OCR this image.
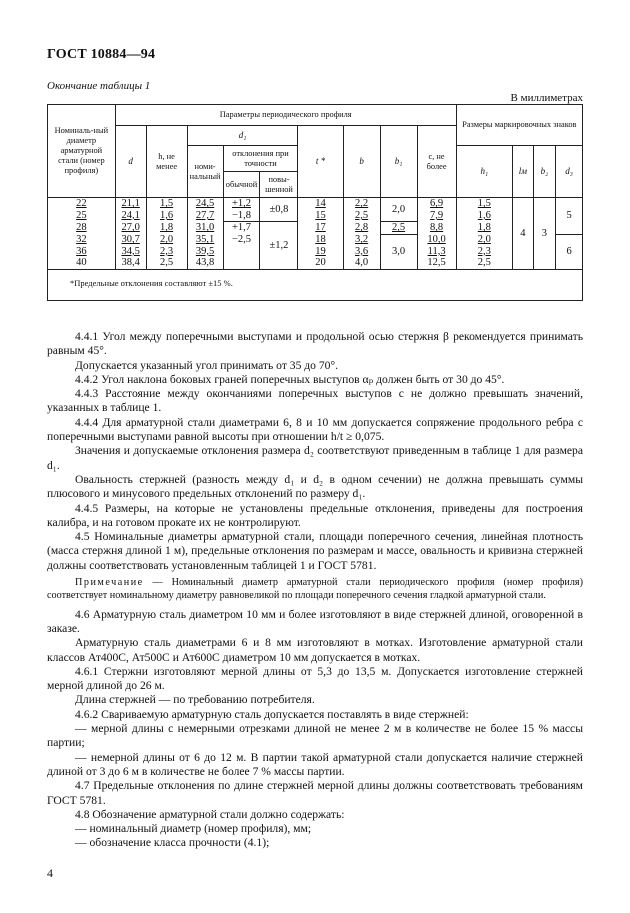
ГОСТ 10884—94
Окончание таблицы 1
В миллиметрах
Номиналь-ный диаметр арматурной стали (номер профиля)	Параметры периодического профиля									Размеры маркировочных знаков			
	d	h, не менее	d₁			t *	b	b₁	c, не более				
			номи-нальный	отклонения при точности						h₁	lм	b₂	d₃
				обычной	повы-шенной								
22	21,1	1,5	24,5	+1,2	±0,8	14	2,2	2,0	6,9	1,5	4	3	5
25	24,1	1,6	27,7	−1,8		15	2,5		7,9	1,6			
28	27,0	1,8	31,0	+1,7	±1,2	17	2,8	2,5	8,8	1,8			
32	30,7	2,0	35,1	−2,5		18	3,2	3,0	10,0	2,0			6
36	34,5	2,3	39,5			19	3,6		11,3	2,3			
40	38,4	2,5	43,8			20	4,0		12,5	2,5			
*Предельные отклонения составляют ±15 %.													

4.4.1 Угол между поперечными выступами и продольной осью стержня β рекомендуется принимать равным 45°.

Допускается указанный угол принимать от 35 до 70°.

4.4.2 Угол наклона боковых граней поперечных выступов αₚ должен быть от 30 до 45°.

4.4.3 Расстояние между окончаниями поперечных выступов c не должно превышать значений, указанных в таблице 1.

4.4.4 Для арматурной стали диаметрами 6, 8 и 10 мм допускается сопряжение продольного ребра с поперечными выступами равной высоты при отношении h/t ≥ 0,075.

Значения и допускаемые отклонения размера d₂ соответствуют приведенным в таблице 1 для размера d₁.

Овальность стержней (разность между d₁ и d₂ в одном сечении) не должна превышать суммы плюсового и минусового предельных отклонений по размеру d₁.

4.4.5 Размеры, на которые не установлены предельные отклонения, приведены для построения калибра, и на готовом прокате их не контролируют.

4.5 Номинальные диаметры арматурной стали, площади поперечного сечения, линейная плотность (масса стержня длиной 1 м), предельные отклонения по размерам и массе, овальность и кривизна стержней должны соответствовать установленным таблицей 1 и ГОСТ 5781.

Примечание — Номинальный диаметр арматурной стали периодического профиля (номер профиля) соответствует номинальному диаметру равновеликой по площади поперечного сечения гладкой арматурной стали.

4.6 Арматурную сталь диаметром 10 мм и более изготовляют в виде стержней длиной, оговоренной в заказе.

Арматурную сталь диаметрами 6 и 8 мм изготовляют в мотках. Изготовление арматурной стали классов Ат400С, Ат500С и Ат600С диаметром 10 мм допускается в мотках.

4.6.1 Стержни изготовляют мерной длины от 5,3 до 13,5 м. Допускается изготовление стержней мерной длиной до 26 м.

Длина стержней — по требованию потребителя.

4.6.2 Свариваемую арматурную сталь допускается поставлять в виде стержней:

— мерной длины с немерными отрезками длиной не менее 2 м в количестве не более 15 % массы партии;

— немерной длины от 6 до 12 м. В партии такой арматурной стали допускается наличие стержней длиной от 3 до 6 м в количестве не более 7 % массы партии.

4.7 Предельные отклонения по длине стержней мерной длины должны соответствовать требованиям ГОСТ 5781.

4.8 Обозначение арматурной стали должно содержать:

— номинальный диаметр (номер профиля), мм;

— обозначение класса прочности (4.1);

4
